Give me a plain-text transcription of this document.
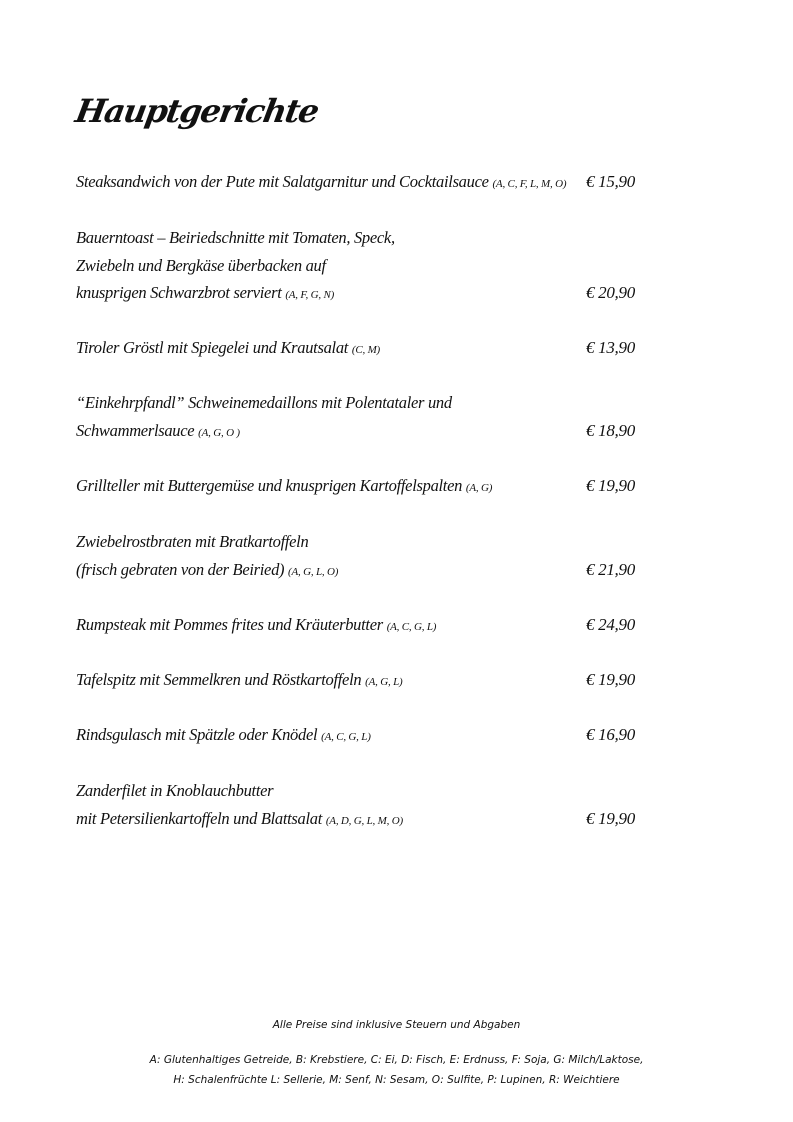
Hauptgerichte
Steaksandwich von der Pute mit Salatgarnitur und Cocktailsauce (A, C, F, L, M, O) € 15,90
Bauerntoast – Beiriedschnitte mit Tomaten, Speck,
Zwiebeln und Bergkäse überbacken auf
knusprigen Schwarzbrot serviert (A, F, G, N)	€ 20,90
Tiroler Gröstl mit Spiegelei und Krautsalat (C, M)	€ 13,90
“Einkehrpfandl” Schweinemedaillons mit Polentataler und
Schwammerlsauce (A, G, O )	€ 18,90
Grillteller mit Buttergemüse und knusprigen Kartoffelspalten (A, G)	€ 19,90
Zwiebelrostbraten mit Bratkartoffeln
(frisch gebraten von der Beiried) (A, G, L, O)	€ 21,90
Rumpsteak mit Pommes frites und Kräuterbutter (A, C, G, L)	€ 24,90
Tafelspitz mit Semmelkren und Röstkartoffeln (A, G, L)	€ 19,90
Rindsgulasch mit Spätzle oder Knödel (A, C, G, L)	€ 16,90
Zanderfilet in Knoblauchbutter
mit Petersilienkartoffeln und Blattsalat (A, D, G, L, M, O)	€ 19,90
Alle Preise sind inklusive Steuern und Abgaben
A: Glutenhaltiges Getreide, B: Krebstiere, C: Ei, D: Fisch, E: Erdnuss, F: Soja, G: Milch/Laktose,
H: Schalenfrüchte L: Sellerie, M: Senf, N: Sesam, O: Sulfite, P: Lupinen, R: Weichtiere
